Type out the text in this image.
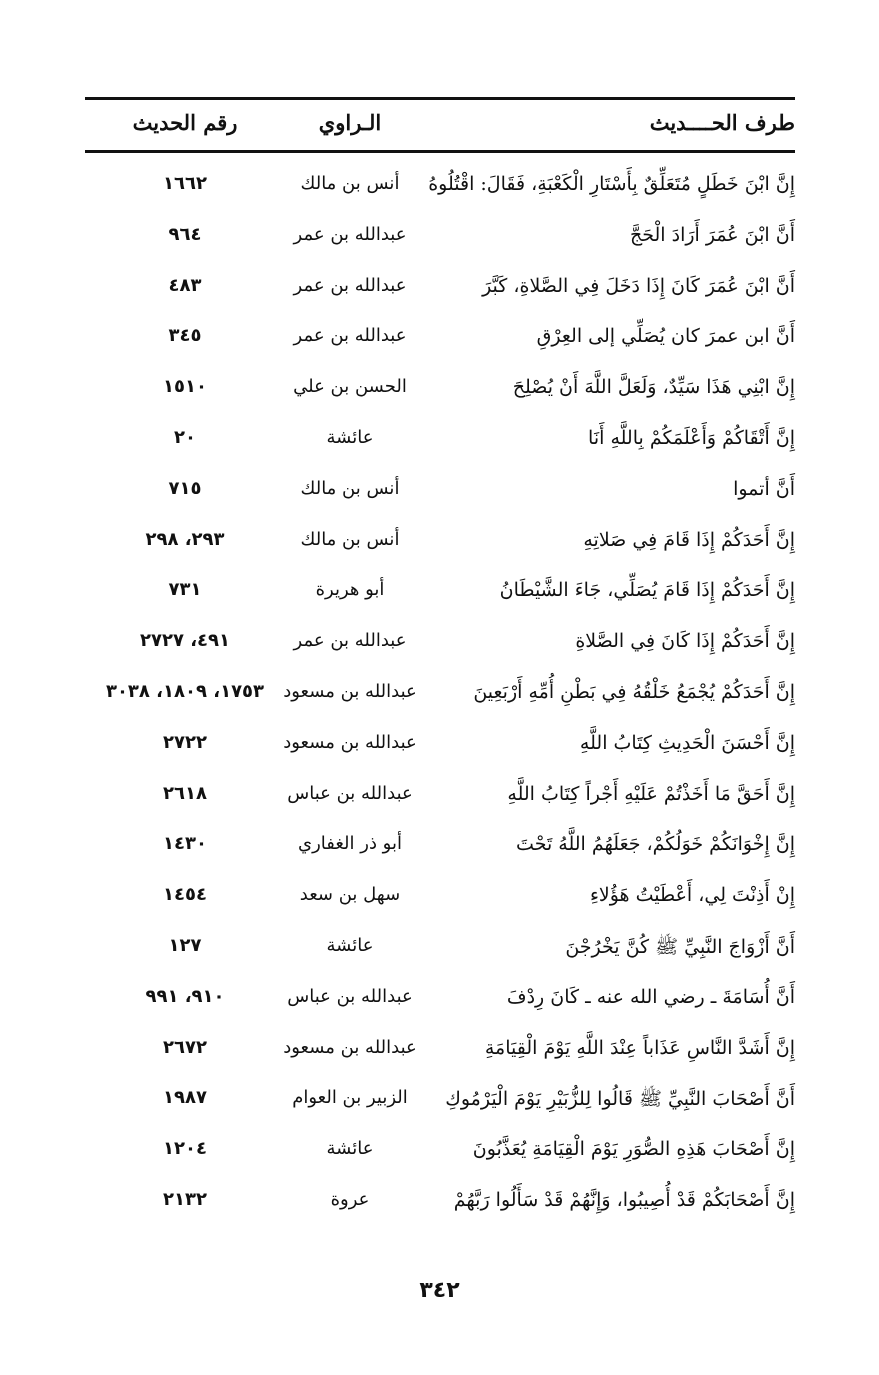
طرف الحــــديث
الـراوي
رقم الحديث
إِنَّ ابْنَ خَطَلٍ مُتَعَلِّقٌ بِأَسْتَارِ الْكَعْبَةِ، فَقَالَ: اقْتُلُوهُ
أنس بن مالك
١٦٦٢
أَنَّ ابْنَ عُمَرَ أَرَادَ الْحَجَّ
عبدالله بن عمر
٩٦٤
أَنَّ ابْنَ عُمَرَ كَانَ إِذَا دَخَلَ فِي الصَّلاةِ، كَبَّرَ
عبدالله بن عمر
٤٨٣
أَنَّ ابن عمرَ كان يُصَلِّي إلى العِرْقِ
عبدالله بن عمر
٣٤٥
إِنَّ ابْنِي هَذَا سَيِّدٌ، وَلَعَلَّ اللَّهَ أَنْ يُصْلِحَ
الحسن بن علي
١٥١٠
إِنَّ أَتْقَاكُمْ وَأَعْلَمَكُمْ بِاللَّهِ أَنَا
عائشة
٢٠
أَنَّ أتموا
أنس بن مالك
٧١٥
إِنَّ أَحَدَكُمْ إِذَا قَامَ فِي صَلاتِهِ
أنس بن مالك
٢٩٣، ٢٩٨
إِنَّ أَحَدَكُمْ إِذَا قَامَ يُصَلِّي، جَاءَ الشَّيْطَانُ
أبو هريرة
٧٣١
إِنَّ أَحَدَكُمْ إِذَا كَانَ فِي الصَّلاةِ
عبدالله بن عمر
٤٩١، ٢٧٢٧
إِنَّ أَحَدَكُمْ يُجْمَعُ خَلْقُهُ فِي بَطْنِ أُمِّهِ أَرْبَعِينَ
عبدالله بن مسعود
١٧٥٣، ١٨٠٩، ٣٠٣٨
إِنَّ أَحْسَنَ الْحَدِيثِ كِتَابُ اللَّهِ
عبدالله بن مسعود
٢٧٢٢
إِنَّ أَحَقَّ مَا أَخَذْتُمْ عَلَيْهِ أَجْراً كِتَابُ اللَّهِ
عبدالله بن عباس
٢٦١٨
إِنَّ إِخْوَانَكُمْ خَوَلُكُمْ، جَعَلَهُمُ اللَّهُ تَحْتَ
أبو ذر الغفاري
١٤٣٠
إِنْ أَذِنْتَ لِي، أَعْطَيْتُ هَؤُلاءِ
سهل بن سعد
١٤٥٤
أَنَّ أَزْوَاجَ النَّبِيِّ ﷺ كُنَّ يَخْرُجْنَ
عائشة
١٢٧
أَنَّ أُسَامَةَ ـ رضي الله عنه ـ كَانَ رِدْفَ
عبدالله بن عباس
٩١٠، ٩٩١
إِنَّ أَشَدَّ النَّاسِ عَذَاباً عِنْدَ اللَّهِ يَوْمَ الْقِيَامَةِ
عبدالله بن مسعود
٢٦٧٢
أَنَّ أَصْحَابَ النَّبِيِّ ﷺ قَالُوا لِلزُّبَيْرِ يَوْمَ الْيَرْمُوكِ
الزبير بن العوام
١٩٨٧
إِنَّ أَصْحَابَ هَذِهِ الصُّوَرِ يَوْمَ الْقِيَامَةِ يُعَذَّبُونَ
عائشة
١٢٠٤
إِنَّ أَصْحَابَكُمْ قَدْ أُصِيبُوا، وَإِنَّهُمْ قَدْ سَأَلُوا رَبَّهُمْ
عروة
٢١٣٢
٣٤٢
